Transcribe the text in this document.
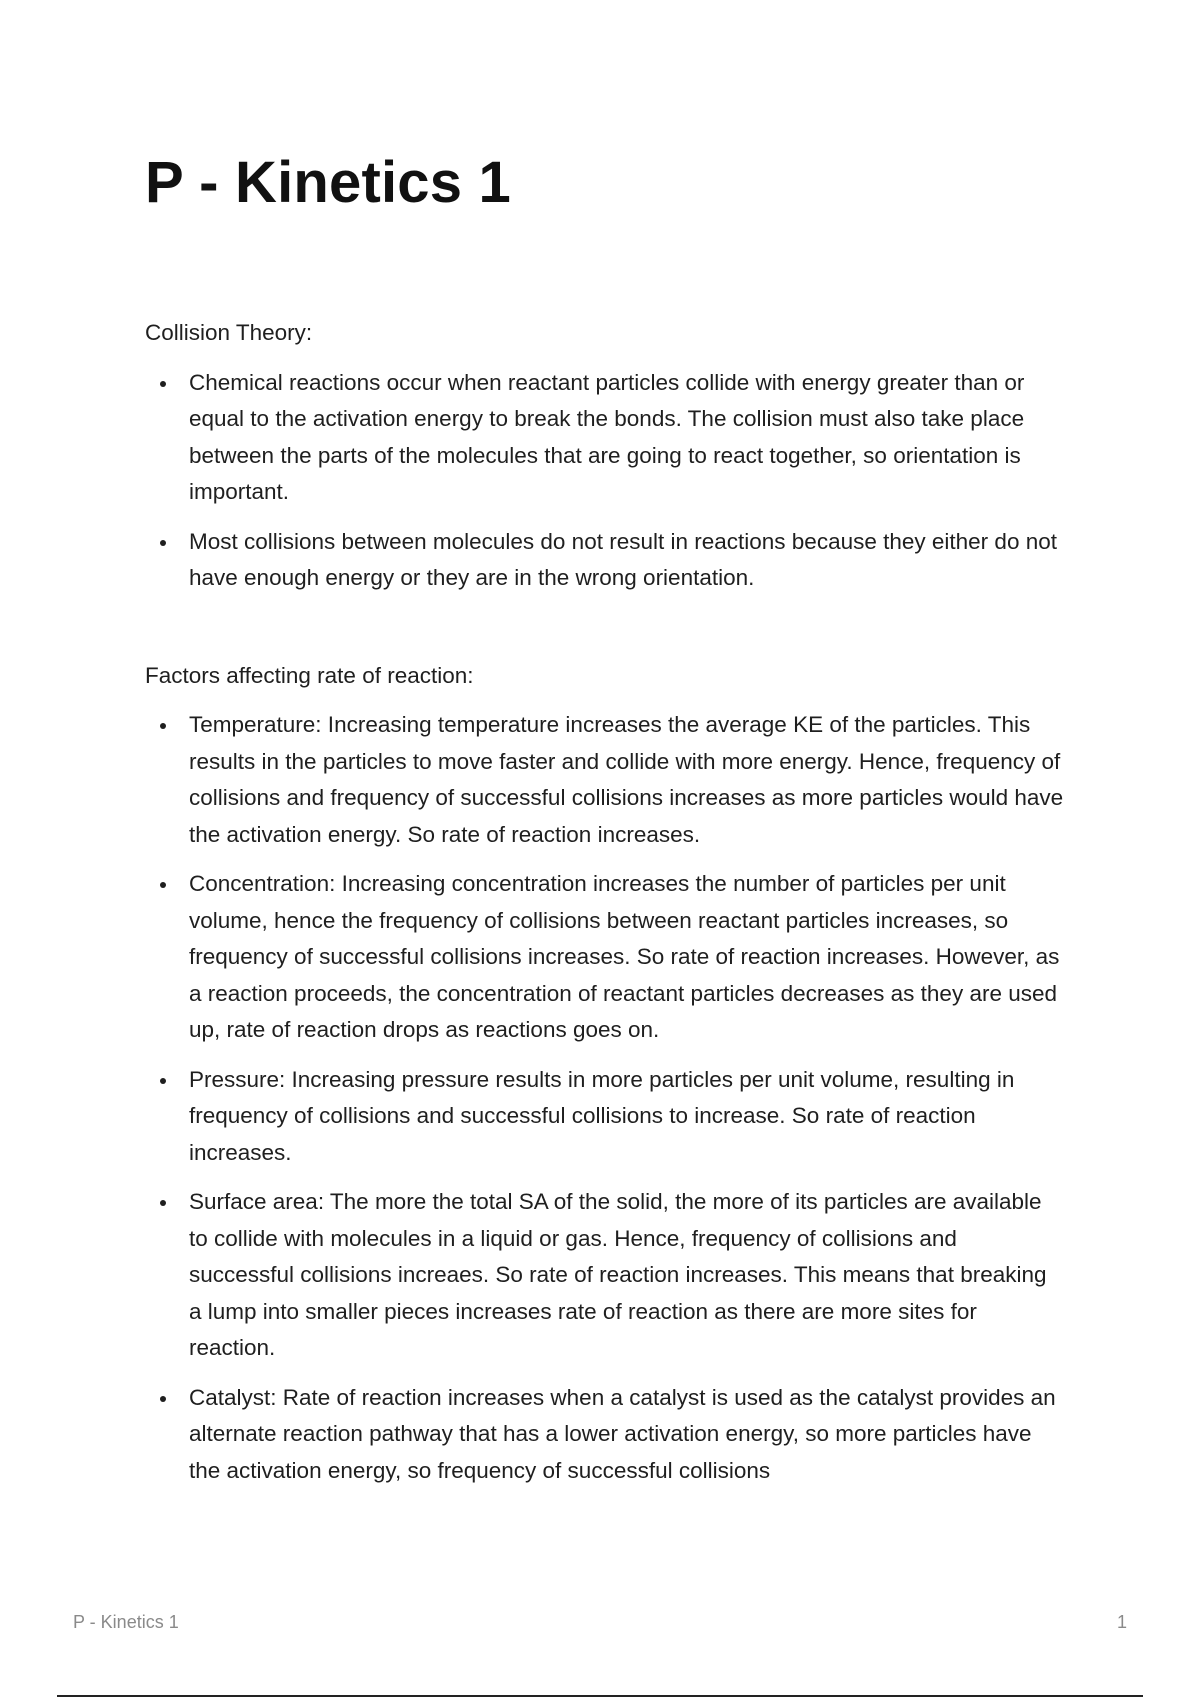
P - Kinetics 1

Collision Theory:

Chemical reactions occur when reactant particles collide with energy greater than or equal to the activation energy to break the bonds. The collision must also take place between the parts of the molecules that are going to react together, so orientation is important.
Most collisions between molecules do not result in reactions because they either do not have enough energy or they are in the wrong orientation.

Factors affecting rate of reaction:

Temperature: Increasing temperature increases the average KE of the particles. This results in the particles to move faster and collide with more energy. Hence, frequency of collisions and frequency of successful collisions increases as more particles would have the activation energy. So rate of reaction increases.
Concentration: Increasing concentration increases the number of particles per unit volume, hence the frequency of collisions between reactant particles increases, so frequency of successful collisions increases. So rate of reaction increases. However, as a reaction proceeds, the concentration of reactant particles decreases as they are used up, rate of reaction drops as reactions goes on.
Pressure: Increasing pressure results in more particles per unit volume, resulting in frequency of collisions and successful collisions to increase. So rate of reaction increases.
Surface area: The more the total SA of the solid, the more of its particles are available to collide with molecules in a liquid or gas. Hence, frequency of collisions and successful collisions increaes. So rate of reaction increases. This means that breaking a lump into smaller pieces increases rate of reaction as there are more sites for reaction.
Catalyst: Rate of reaction increases when a catalyst is used as the catalyst provides an alternate reaction pathway that has a lower activation energy, so more particles have the activation energy, so frequency of successful collisions
P - Kinetics 1	1
